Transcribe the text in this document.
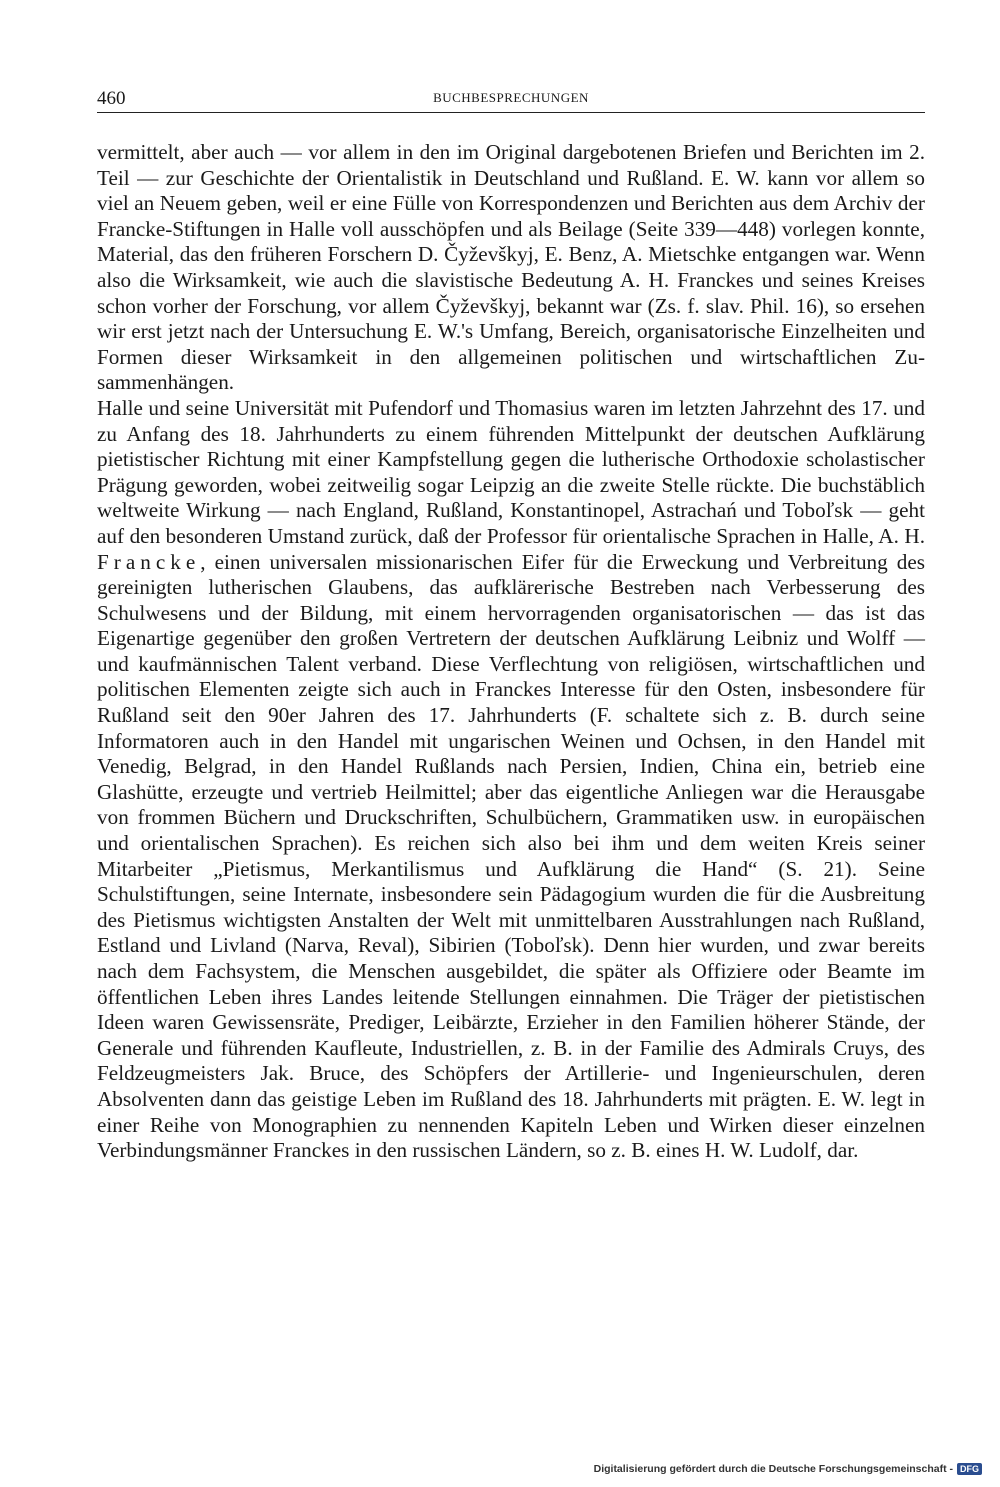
460	BUCHBESPRECHUNGEN

vermittelt, aber auch — vor allem in den im Original dargebotenen Briefen und Berichten im 2. Teil — zur Geschichte der Orientalistik in Deutschland und Rußland. E. W. kann vor allem so viel an Neuem geben, weil er eine Fülle von Korrespondenzen und Berichten aus dem Archiv der Francke-Stiftungen in Halle voll ausschöpfen und als Beilage (Seite 339—448) vorlegen konnte, Material, das den früheren Forschern D. Čyževškyj, E. Benz, A. Mietschke entgangen war. Wenn also die Wirksamkeit, wie auch die slavistische Bedeutung A. H. Franckes und seines Kreises schon vorher der Forschung, vor allem Čyževškyj, bekannt war (Zs. f. slav. Phil. 16), so ersehen wir erst jetzt nach der Untersuchung E. W.'s Umfang, Bereich, organisatorische Einzelheiten und Formen dieser Wirksamkeit in den allgemeinen politischen und wirtschaftlichen Zusammenhängen.

Halle und seine Universität mit Pufendorf und Thomasius waren im letzten Jahrzehnt des 17. und zu Anfang des 18. Jahrhunderts zu einem führenden Mittelpunkt der deutschen Aufklärung pietistischer Richtung mit einer Kampfstellung gegen die lutherische Orthodoxie scholastischer Prägung geworden, wobei zeitweilig sogar Leipzig an die zweite Stelle rückte. Die buchstäblich weltweite Wirkung — nach England, Rußland, Konstantinopel, Astrachań und Toboľsk — geht auf den besonderen Umstand zurück, daß der Professor für orientalische Sprachen in Halle, A. H. Francke, einen universalen missionarischen Eifer für die Erweckung und Verbreitung des gereinigten lutherischen Glaubens, das aufklärerische Bestreben nach Verbesserung des Schulwesens und der Bildung, mit einem hervorragenden organisatorischen — das ist das Eigenartige gegenüber den großen Vertretern der deutschen Aufklärung Leibniz und Wolff — und kaufmännischen Talent verband. Diese Verflechtung von religiösen, wirtschaftlichen und politischen Elementen zeigte sich auch in Franckes Interesse für den Osten, insbesondere für Rußland seit den 90er Jahren des 17. Jahrhunderts (F. schaltete sich z. B. durch seine Informatoren auch in den Handel mit ungarischen Weinen und Ochsen, in den Handel mit Venedig, Belgrad, in den Handel Rußlands nach Persien, Indien, China ein, betrieb eine Glashütte, erzeugte und vertrieb Heilmittel; aber das eigentliche Anliegen war die Herausgabe von frommen Büchern und Druckschriften, Schulbüchern, Grammatiken usw. in europäischen und orientalischen Sprachen). Es reichen sich also bei ihm und dem weiten Kreis seiner Mitarbeiter „Pietismus, Merkantilismus und Aufklärung die Hand“ (S. 21). Seine Schulstiftungen, seine Internate, insbesondere sein Pädagogium wurden die für die Ausbreitung des Pietismus wichtigsten Anstalten der Welt mit unmittelbaren Ausstrahlungen nach Rußland, Estland und Livland (Narva, Reval), Sibirien (Toboľsk). Denn hier wurden, und zwar bereits nach dem Fachsystem, die Menschen ausgebildet, die später als Offiziere oder Beamte im öffentlichen Leben ihres Landes leitende Stellungen einnahmen. Die Träger der pietistischen Ideen waren Gewissensräte, Prediger, Leibärzte, Erzieher in den Familien höherer Stände, der Generale und führenden Kaufleute, Industriellen, z. B. in der Familie des Admirals Cruys, des Feldzeugmeisters Jak. Bruce, des Schöpfers der Artillerie- und Ingenieurschulen, deren Absolventen dann das geistige Leben im Rußland des 18. Jahrhunderts mit prägten. E. W. legt in einer Reihe von Monographien zu nennenden Kapiteln Leben und Wirken dieser einzelnen Verbindungsmänner Franckes in den russischen Ländern, so z. B. eines H. W. Ludolf, dar.

Digitalisierung gefördert durch die Deutsche Forschungsgemeinschaft - DFG
